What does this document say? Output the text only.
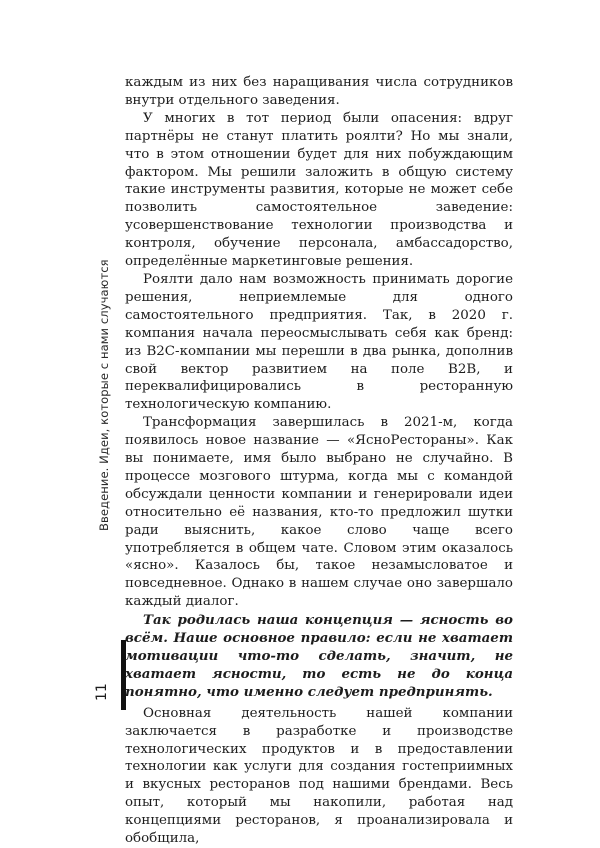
Введение. Идеи, которые с нами случаются
11

каждым из них без наращивания числа сотрудников внутри отдельного заведения.

У многих в тот период были опасения: вдруг партнёры не станут платить роялти? Но мы знали, что в этом отношении будет для них побуждающим фактором. Мы решили заложить в общую систему такие инструменты развития, которые не может себе позволить самостоятельное заведение: усовершенствование технологии производства и контроля, обучение персонала, амбассадорство, определённые маркетинговые решения.

Роялти дало нам возможность принимать дорогие решения, неприемлемые для одного самостоятельного предприятия. Так, в 2020 г. компания начала переосмыслывать себя как бренд: из B2C-компании мы перешли в два рынка, дополнив свой вектор развитием на поле B2B, и переквалифицировались в ресторанную технологическую компанию.

Трансформация завершилась в 2021-м, когда появилось новое название — «ЯсноРестораны». Как вы понимаете, имя было выбрано не случайно. В процессе мозгового штурма, когда мы с командой обсуждали ценности компании и генерировали идеи относительно её названия, кто-то предложил шутки ради выяснить, какое слово чаще всего употребляется в общем чате. Словом этим оказалось «ясно». Казалось бы, такое незамысловатое и повседневное. Однако в нашем случае оно завершало каждый диалог.

Так родилась наша концепция — ясность во всём. Наше основное правило: если не хватает мотивации что-то сделать, значит, не хватает ясности, то есть не до конца понятно, что именно следует предпринять.

Основная деятельность нашей компании заключается в разработке и производстве технологических продуктов и в предоставлении технологии как услуги для создания гостеприимных и вкусных ресторанов под нашими брендами. Весь опыт, который мы накопили, работая над концепциями ресторанов, я проанализировала и обобщила,
